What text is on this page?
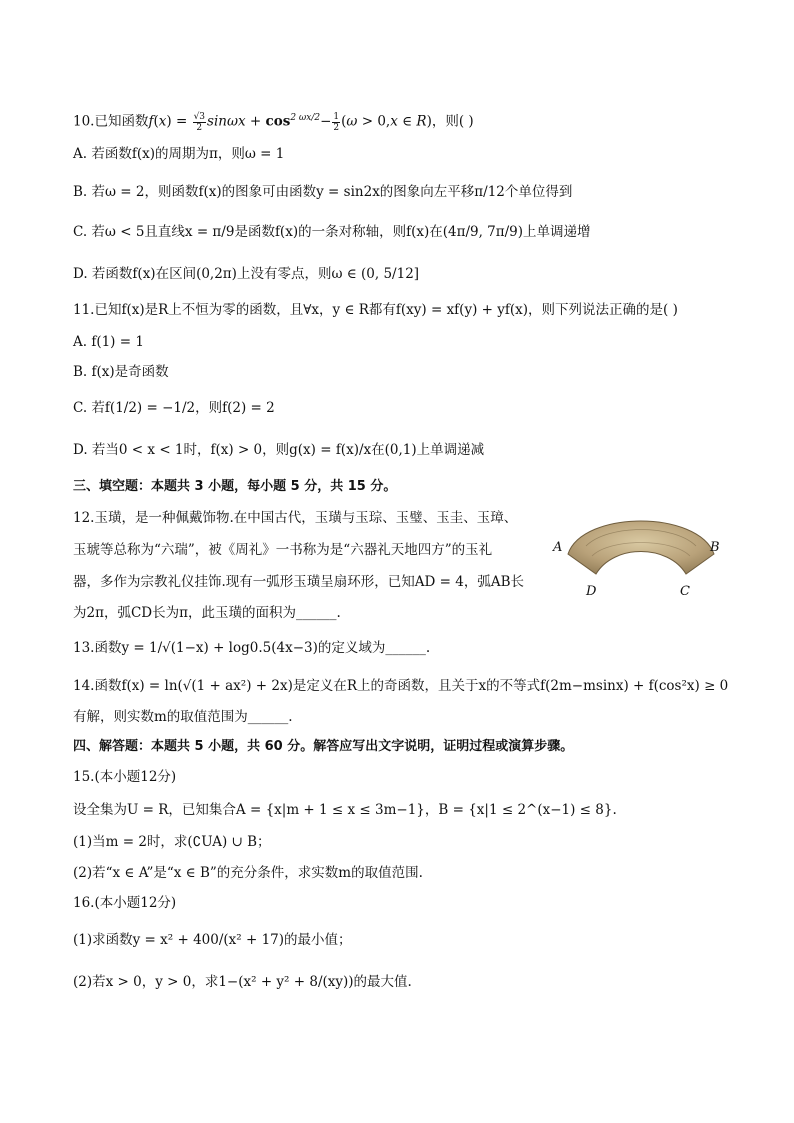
10.已知函数$f(x) = \frac{√3}{2}$ $\sin\omega x + \cos^{2 \omega x/2}- \frac{1}{2} (\omega > 0,x$ ∈ R)，则( )
A. 若函数f(x)的周期为π，则ω = 1
B. 若ω = 2，则函数f(x)的图象可由函数y = sin2x的图象向左平移π/12个单位得到
C. 若ω < 5且直线x = π/9是函数f(x)的一条对称轴，则f(x)在(4π/9, 7π/9)上单调递增
D. 若函数f(x)在区间(0,2π)上没有零点，则ω ∈ (0, 5/12]
11.已知f(x)是R上不恒为零的函数，且∀x，y ∈ R都有f(xy) = xf(y) + yf(x)，则下列说法正确的是( )
A. f(1) = 1
B. f(x)是奇函数
C. 若f(1/2) = −1/2，则f(2) = 2
D. 若当0 < x < 1时，f(x) > 0，则g(x) = f(x)/x在(0,1)上单调递减
三、填空题：本题共 3 小题，每小题 5 分，共 15 分。
12.玉璜，是一种佩戴饰物.在中国古代，玉璜与玉琮、玉璧、玉圭、玉璋、
玉琥等总称为“六瑞”，被《周礼》一书称为是“六器礼天地四方”的玉礼
器，多作为宗教礼仪挂饰.现有一弧形玉璜呈扇环形，已知AD = 4，弧AB长
为2π，弧CD长为π，此玉璜的面积为______.
A	B
D	C
13.函数y = 1/√(1−x) + log0.5(4x−3)的定义域为______.
14.函数f(x) = ln(√(1 + ax²) + 2x)是定义在R上的奇函数，且关于x的不等式f(2m−msinx) + f(cos²x) ≥ 0
有解，则实数m的取值范围为______.
四、解答题：本题共 5 小题，共 60 分。解答应写出文字说明，证明过程或演算步骤。
15.(本小题12分)
设全集为U = R，已知集合A = {x|m + 1 ≤ x ≤ 3m−1}，B = {x|1 ≤ 2^(x−1) ≤ 8}.
(1)当m = 2时，求(∁UA) ∪ B；
(2)若“x ∈ A”是“x ∈ B”的充分条件，求实数m的取值范围.
16.(本小题12分)
(1)求函数y = x² + 400/(x² + 17)的最小值；
(2)若x > 0，y > 0，求1−(x² + y² + 8/(xy))的最大值.
